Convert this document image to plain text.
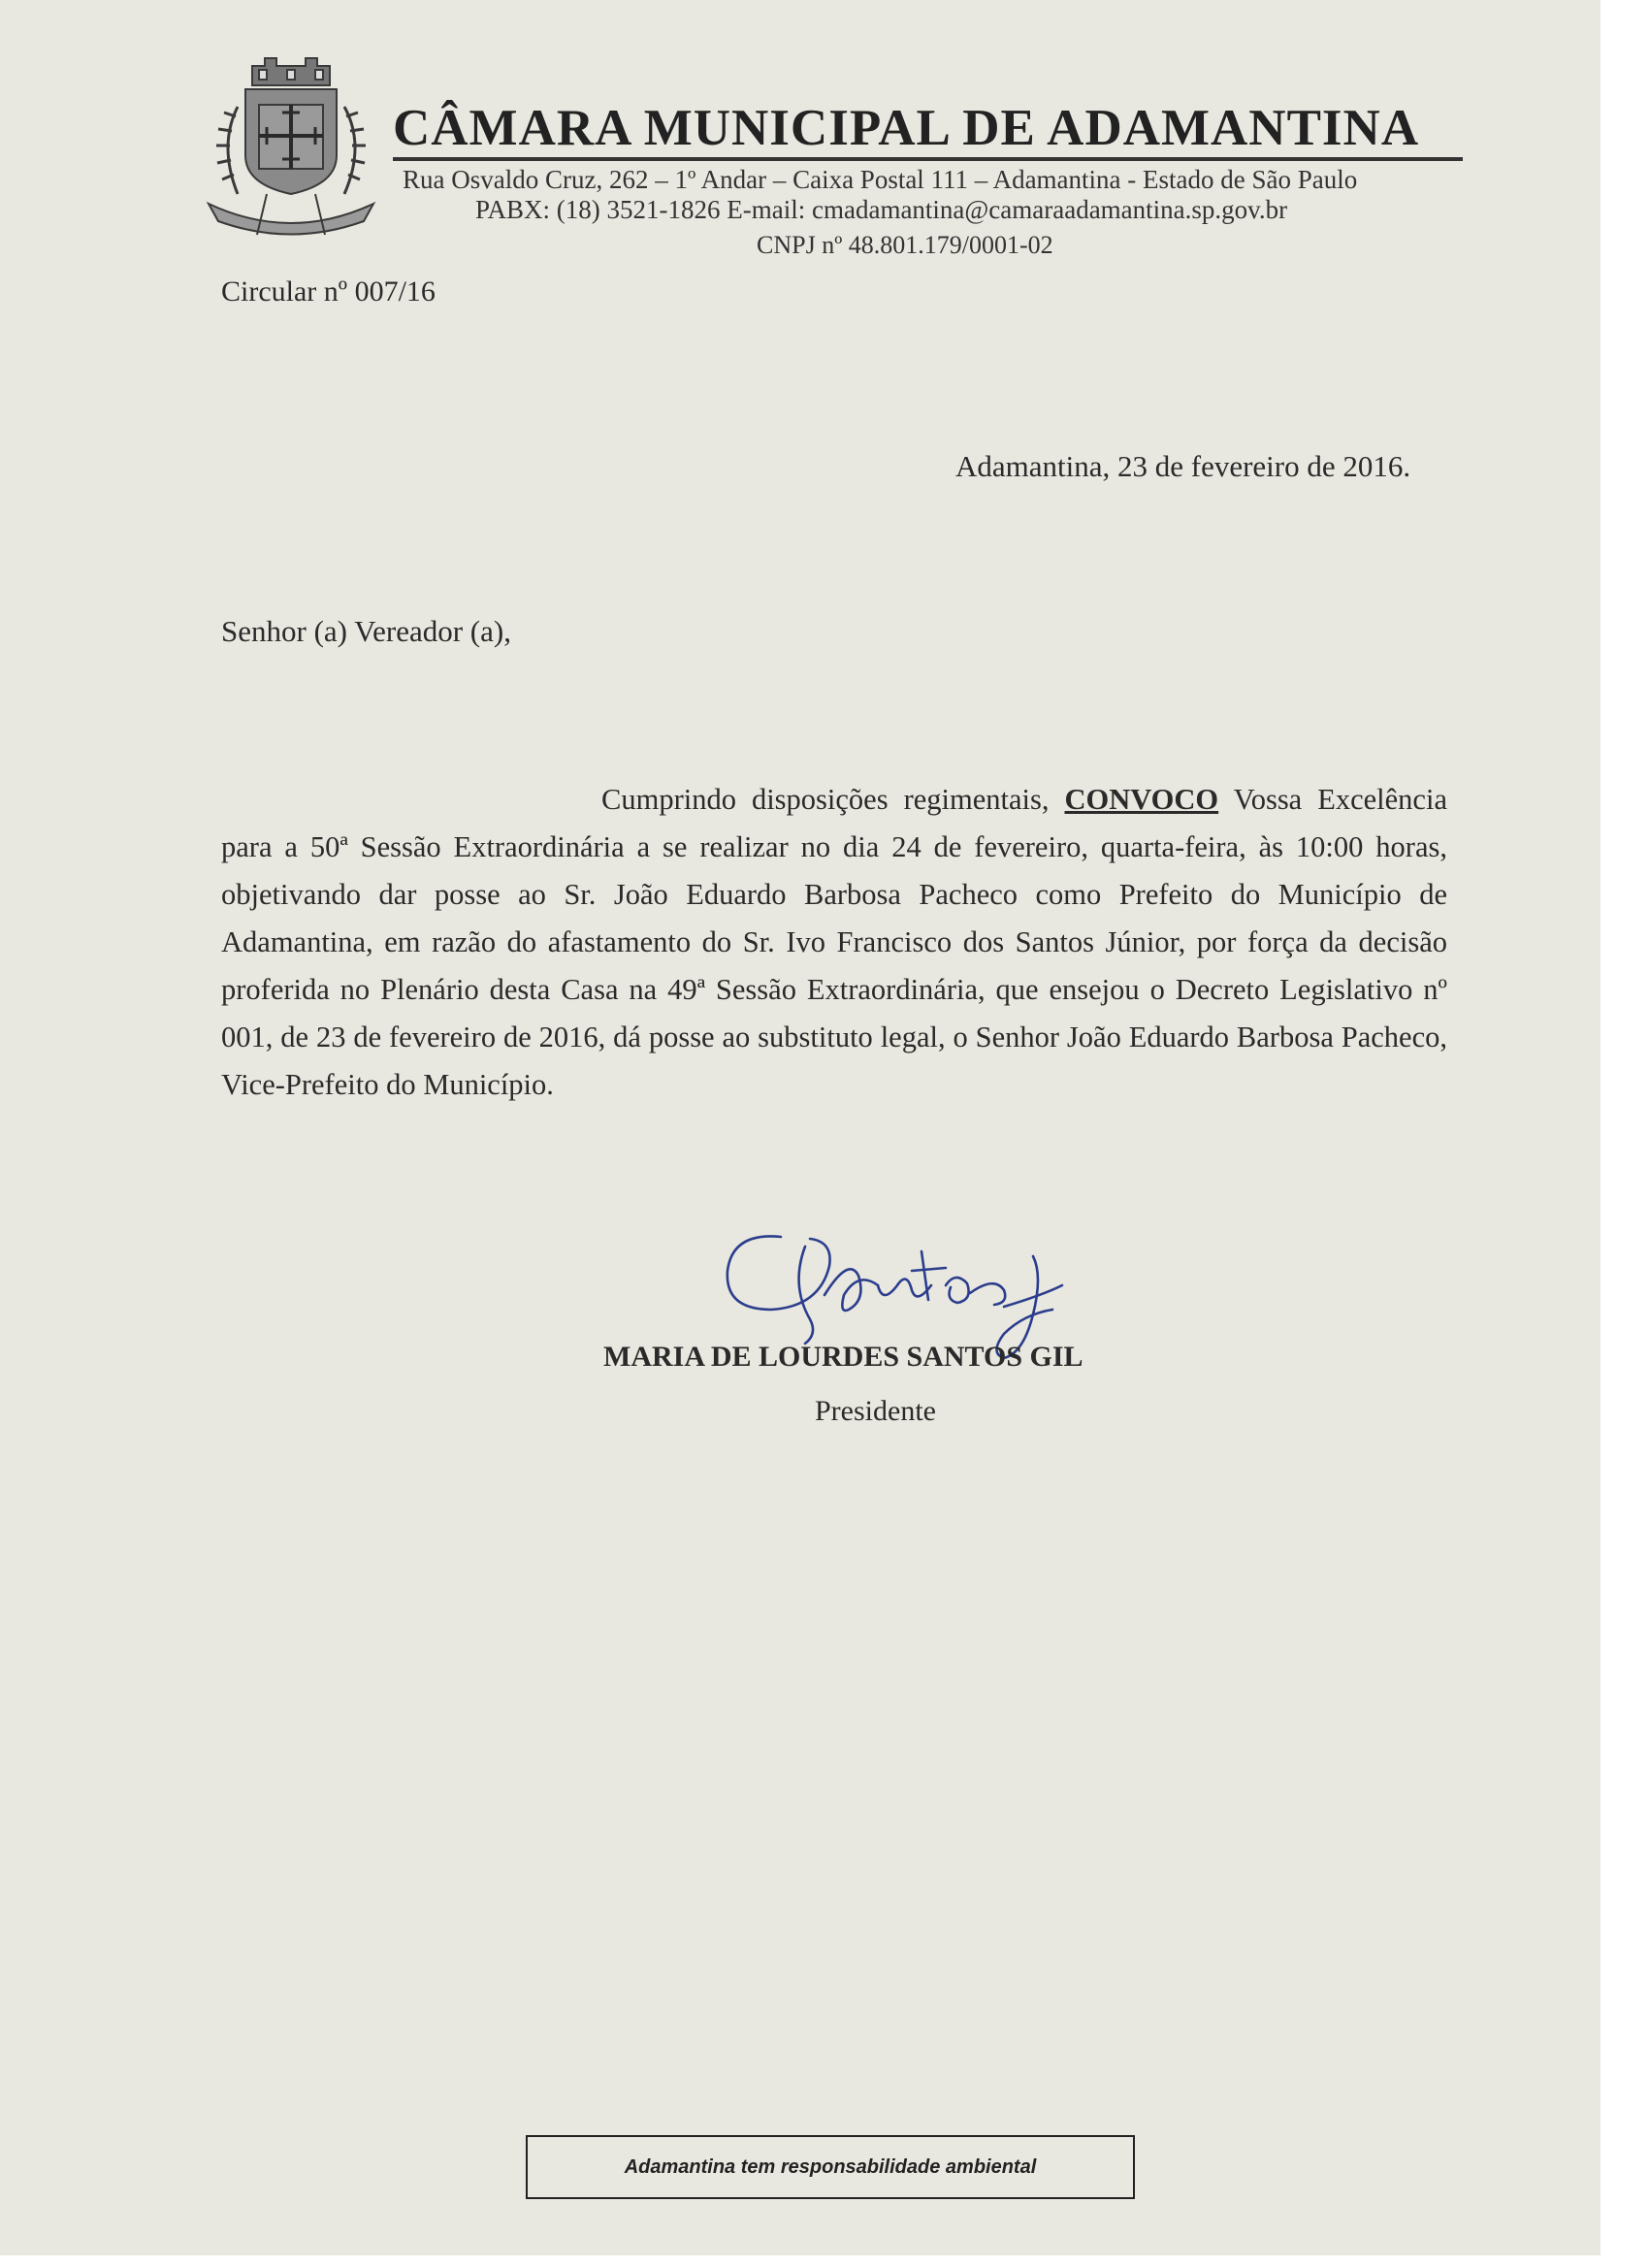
CÂMARA MUNICIPAL DE ADAMANTINA
Rua Osvaldo Cruz, 262 – 1º Andar – Caixa Postal 111 – Adamantina - Estado de São Paulo
PABX: (18) 3521-1826 E-mail: cmadamantina@camaraadamantina.sp.gov.br
CNPJ nº 48.801.179/0001-02
Circular nº 007/16
Adamantina, 23 de fevereiro de 2016.
Senhor (a) Vereador (a),
Cumprindo disposições regimentais, CONVOCO Vossa Excelência para a 50ª Sessão Extraordinária a se realizar no dia 24 de fevereiro, quarta-feira, às 10:00 horas, objetivando dar posse ao Sr. João Eduardo Barbosa Pacheco como Prefeito do Município de Adamantina, em razão do afastamento do Sr. Ivo Francisco dos Santos Júnior, por força da decisão proferida no Plenário desta Casa na 49ª Sessão Extraordinária, que ensejou o Decreto Legislativo nº 001, de 23 de fevereiro de 2016, dá posse ao substituto legal, o Senhor João Eduardo Barbosa Pacheco, Vice-Prefeito do Município.
MARIA DE LOURDES SANTOS GIL
Presidente
Adamantina tem responsabilidade ambiental
